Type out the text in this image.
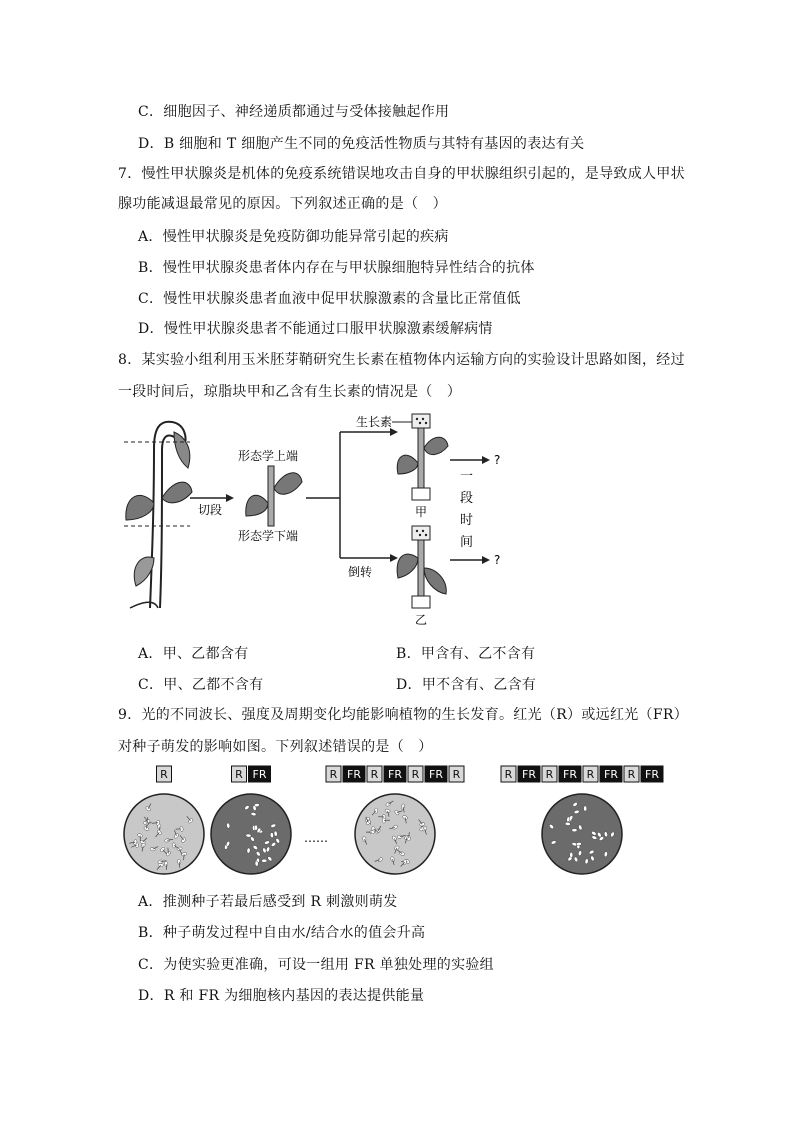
C．细胞因子、神经递质都通过与受体接触起作用
D．B 细胞和 T 细胞产生不同的免疫活性物质与其特有基因的表达有关
7．慢性甲状腺炎是机体的免疫系统错误地攻击自身的甲状腺组织引起的，是导致成人甲状
腺功能减退最常见的原因。下列叙述正确的是（　）
A．慢性甲状腺炎是免疫防御功能异常引起的疾病
B．慢性甲状腺炎患者体内存在与甲状腺细胞特异性结合的抗体
C．慢性甲状腺炎患者血液中促甲状腺激素的含量比正常值低
D．慢性甲状腺炎患者不能通过口服甲状腺激素缓解病情
8．某实验小组利用玉米胚芽鞘研究生长素在植物体内运输方向的实验设计思路如图，经过
一段时间后，琼脂块甲和乙含有生长素的情况是（　）
切段
形态学上端
形态学下端
倒转
生长素
甲
?
一
段
时
间
乙
?
A．甲、乙都含有	B．甲含有、乙不含有
C．甲、乙都不含有	D．甲不含有、乙含有
9．光的不同波长、强度及周期变化均能影响植物的生长发育。红光（R）或远红光（FR）
对种子萌发的影响如图。下列叙述错误的是（　）
……
R	R FR	R FR R FR R FR R	R FR R FR R FR R FR
A．推测种子若最后感受到 R 刺激则萌发
B．种子萌发过程中自由水/结合水的值会升高
C．为使实验更准确，可设一组用 FR 单独处理的实验组
D．R 和 FR 为细胞核内基因的表达提供能量
